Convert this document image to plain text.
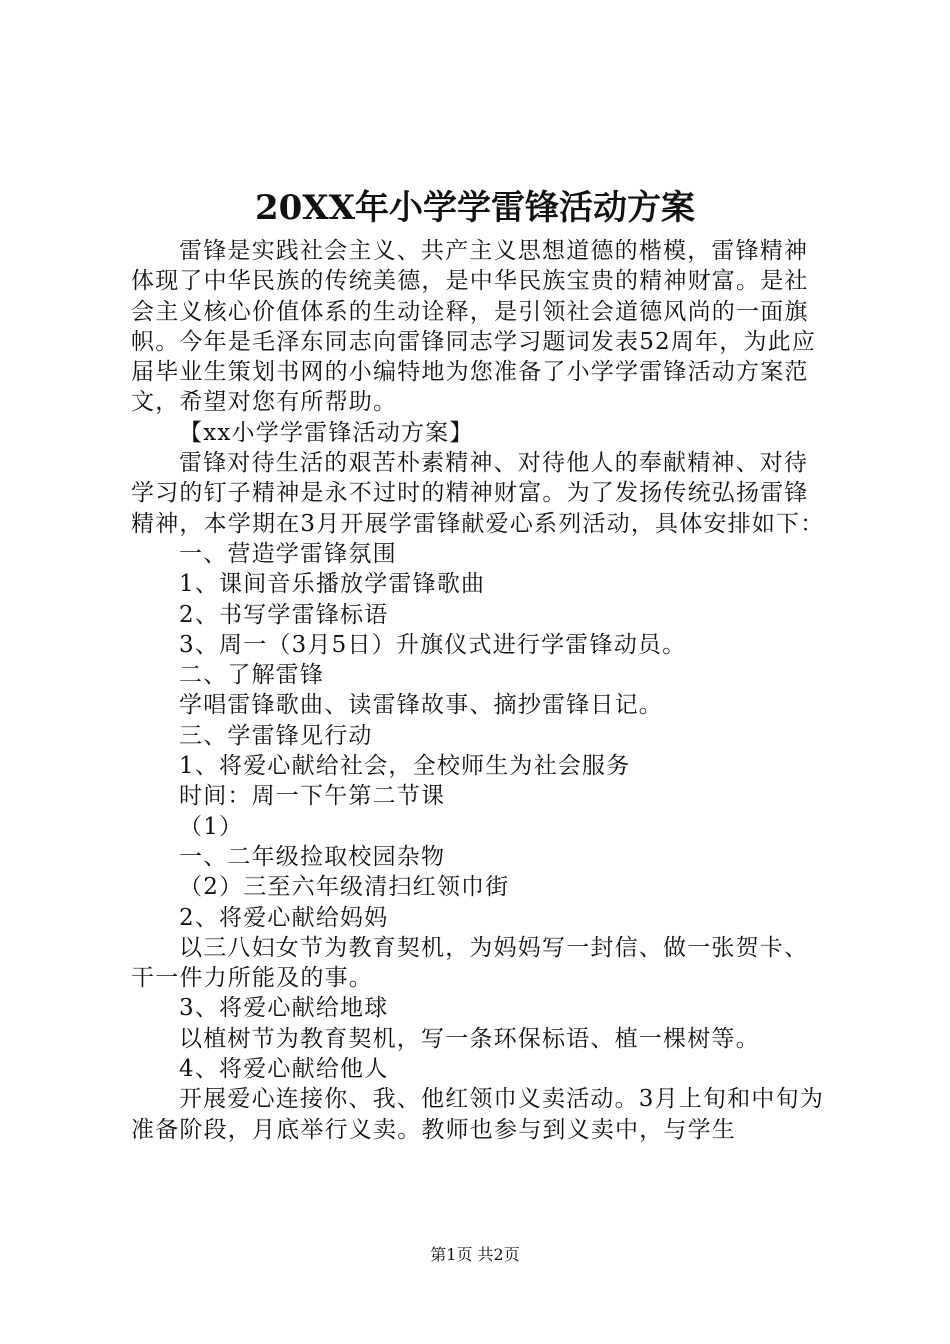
20XX年小学学雷锋活动方案

雷锋是实践社会主义、共产主义思想道德的楷模，雷锋精神体现了中华民族的传统美德，是中华民族宝贵的精神财富。是社会主义核心价值体系的生动诠释，是引领社会道德风尚的一面旗帜。今年是毛泽东同志向雷锋同志学习题词发表52周年，为此应届毕业生策划书网的小编特地为您准备了小学学雷锋活动方案范文，希望对您有所帮助。

【xx小学学雷锋活动方案】

雷锋对待生活的艰苦朴素精神、对待他人的奉献精神、对待学习的钉子精神是永不过时的精神财富。为了发扬传统弘扬雷锋精神，本学期在3月开展学雷锋献爱心系列活动，具体安排如下：

一、营造学雷锋氛围

1、课间音乐播放学雷锋歌曲

2、书写学雷锋标语

3、周一（3月5日）升旗仪式进行学雷锋动员。

二、了解雷锋

学唱雷锋歌曲、读雷锋故事、摘抄雷锋日记。

三、学雷锋见行动

1、将爱心献给社会，全校师生为社会服务

时间：周一下午第二节课

（1）

一、二年级捡取校园杂物

（2）三至六年级清扫红领巾街

2、将爱心献给妈妈

以三八妇女节为教育契机，为妈妈写一封信、做一张贺卡、干一件力所能及的事。

3、将爱心献给地球

以植树节为教育契机，写一条环保标语、植一棵树等。

4、将爱心献给他人

开展爱心连接你、我、他红领巾义卖活动。3月上旬和中旬为准备阶段，月底举行义卖。教师也参与到义卖中，与学生

第1页 共2页
